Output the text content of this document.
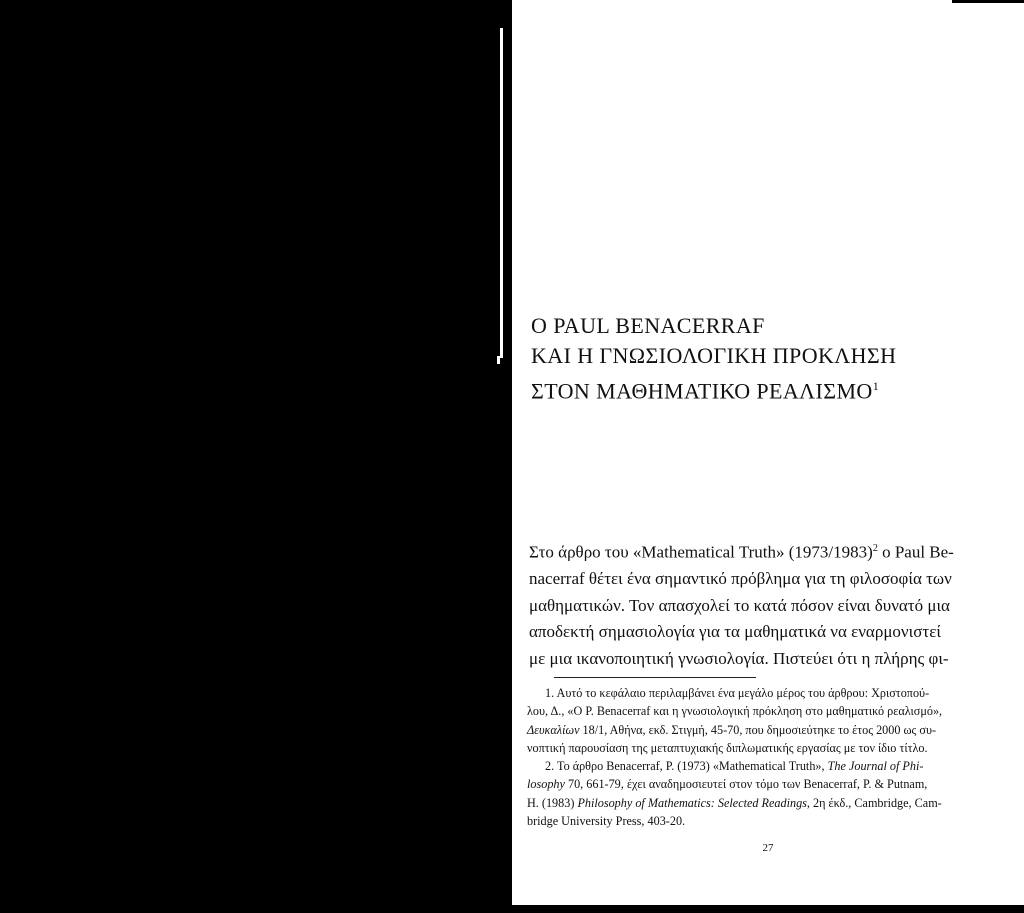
Ο PAUL BENACERRAF
ΚΑΙ Η ΓΝΩΣΙΟΛΟΓΙΚΗ ΠΡΟΚΛΗΣΗ
ΣΤΟΝ ΜΑΘΗΜΑΤΙΚΟ ΡΕΑΛΙΣΜΟ$^1$
Στο άρθρο του «Mathematical Truth» $(1973/1983)^2$ ο Paul Be-
nacerraf θέτει ένα σημαντικό πρόβλημα για τη φιλοσοφία των
μαθηματικών. Τον απασχολεί το κατά πόσον είναι δυνατό μια
αποδεκτή σημασιολογία για τα μαθηματικά να εναρμονιστεί
με μια ικανοποιητική γνωσιολογία. Πιστεύει ότι η πλήρης φι-
1. Αυτό το κεφάλαιο περιλαμβάνει ένα μεγάλο μέρος του άρθρου: Χριστοπού-
λου, Δ., «Ο P. Benacerraf και η γνωσιολογική πρόκληση στο μαθηματικό ρεαλισμό»,
Δευκαλίων 18/1, Αθήνα, εκδ. Στιγμή, 45-70, που δημοσιεύτηκε το έτος 2000 ως συ-
νοπτική παρουσίαση της μεταπτυχιακής διπλωματικής εργασίας με τον ίδιο τίτλο.
2. Το άρθρο Benacerraf, P. (1973) «Mathematical Truth», The Journal of Phi-
losophy 70, 661-79, έχει αναδημοσιευτεί στον τόμο των Benacerraf, P. & Putnam,
H. (1983) Philosophy of Mathematics: Selected Readings, 2η έκδ., Cambridge, Cam-
bridge University Press, 403-20.
27
